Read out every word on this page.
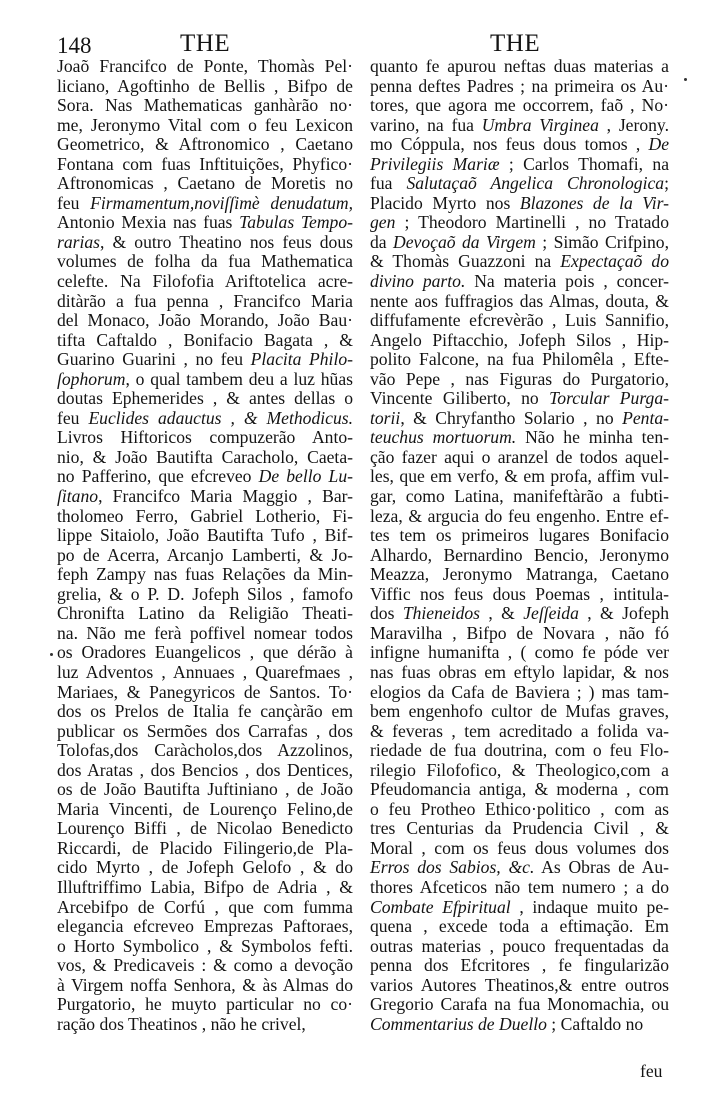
148	THE	THE
Joaõ Francifco de Ponte, Thomàs Pel·
liciano, Agoftinho de Bellis , Bifpo de
Sora. Nas Mathematicas ganhàrão no·
me, Jeronymo Vital com o feu Lexicon
Geometrico, & Aftronomico , Caetano
Fontana com fuas Inftituições, Phyfico·
Aftronomicas , Caetano de Moretis no
feu Firmamentum,noviſſimè denudatum,
Antonio Mexia nas fuas Tabulas Tempo-
rarias, & outro Theatino nos feus dous
volumes de folha da fua Mathematica
celefte. Na Filofofia Ariftotelica acre-
ditàrão a fua penna , Francifco Maria
del Monaco, João Morando, João Bau·
tifta Caftaldo , Bonifacio Bagata , &
Guarino Guarini , no feu Placita Philo-
ſophorum, o qual tambem deu a luz hũas
doutas Ephemerides , & antes dellas o
feu Euclides adauctus , & Methodicus.
Livros Hiftoricos compuzerão Anto-
nio, & João Bautifta Caracholo, Caeta-
no Pafferino, que efcreveo De bello Lu-
ſitano, Francifco Maria Maggio , Bar-
tholomeo Ferro, Gabriel Lotherio, Fi-
lippe Sitaiolo, João Bautifta Tufo , Bif-
po de Acerra, Arcanjo Lamberti, & Jo-
feph Zampy nas fuas Relações da Min-
grelia, & o P. D. Jofeph Silos , famofo
Chronifta Latino da Religião Theati-
na. Não me ferà poffivel nomear todos
os Oradores Euangelicos , que dérão à
luz Adventos , Annuaes , Quarefmaes ,
Mariaes, & Panegyricos de Santos. To·
dos os Prelos de Italia fe cançàrão em
publicar os Sermões dos Carrafas , dos
Tolofas,dos Caràcholos,dos Azzolinos,
dos Aratas , dos Bencios , dos Dentices,
os de João Bautifta Juftiniano , de João
Maria Vincenti, de Lourenço Felino,de
Lourenço Biffi , de Nicolao Benedicto
Riccardi, de Placido Filingerio,de Pla-
cido Myrto , de Jofeph Gelofo , & do
Illuftriffimo Labia, Bifpo de Adria , &
Arcebifpo de Corfú , que com fumma
elegancia efcreveo Emprezas Paftoraes,
o Horto Symbolico , & Symbolos fefti.
vos, & Predicaveis : & como a devoção
à Virgem noffa Senhora, & às Almas do
Purgatorio, he muyto particular no co·
ração dos Theatinos , não he crivel,
quanto fe apurou neftas duas materias a
penna deftes Padres ; na primeira os Au·
tores, que agora me occorrem, faõ , No·
varino, na fua Umbra Virginea , Jerony.
mo Cóppula, nos feus dous tomos , De
Privilegiis Mariæ ; Carlos Thomafi, na
fua Salutaçaõ Angelica Chronologica;
Placido Myrto nos Blazones de la Vir-
gen ; Theodoro Martinelli , no Tratado
da Devoçaõ da Virgem ; Simão Crifpino,
& Thomàs Guazzoni na Expectaçaõ do
divino parto. Na materia pois , concer-
nente aos fuffragios das Almas, douta, &
diffufamente efcrevèrão , Luis Sannifio,
Angelo Piftacchio, Jofeph Silos , Hip-
polito Falcone, na fua Philomêla , Efte-
vão Pepe , nas Figuras do Purgatorio,
Vincente Giliberto, no Torcular Purga-
torii, & Chryfantho Solario , no Penta-
teuchus mortuorum. Não he minha ten-
ção fazer aqui o aranzel de todos aquel-
les, que em verfo, & em profa, affim vul-
gar, como Latina, manifeftàrão a fubti-
leza, & argucia do feu engenho. Entre ef-
tes tem os primeiros lugares Bonifacio
Alhardo, Bernardino Bencio, Jeronymo
Meazza, Jeronymo Matranga, Caetano
Viffic nos feus dous Poemas , intitula-
dos Thieneidos , & Jeſſeida , & Jofeph
Maravilha , Bifpo de Novara , não fó
infigne humanifta , ( como fe póde ver
nas fuas obras em eftylo lapidar, & nos
elogios da Cafa de Baviera ; ) mas tam-
bem engenhofo cultor de Mufas graves,
& feveras , tem acreditado a folida va-
riedade de fua doutrina, com o feu Flo-
rilegio Filofofico, & Theologico,com a
Pfeudomancia antiga, & moderna , com
o feu Protheo Ethico·politico , com as
tres Centurias da Prudencia Civil , &
Moral , com os feus dous volumes dos
Erros dos Sabios, &c. As Obras de Au-
thores Afceticos não tem numero ; a do
Combate Efpiritual , indaque muito pe-
quena , excede toda a eftimação. Em
outras materias , pouco frequentadas da
penna dos Efcritores , fe fingularizão
varios Autores Theatinos,& entre outros
Gregorio Carafa na fua Monomachia, ou
Commentarius de Duello ; Caftaldo no
feu
